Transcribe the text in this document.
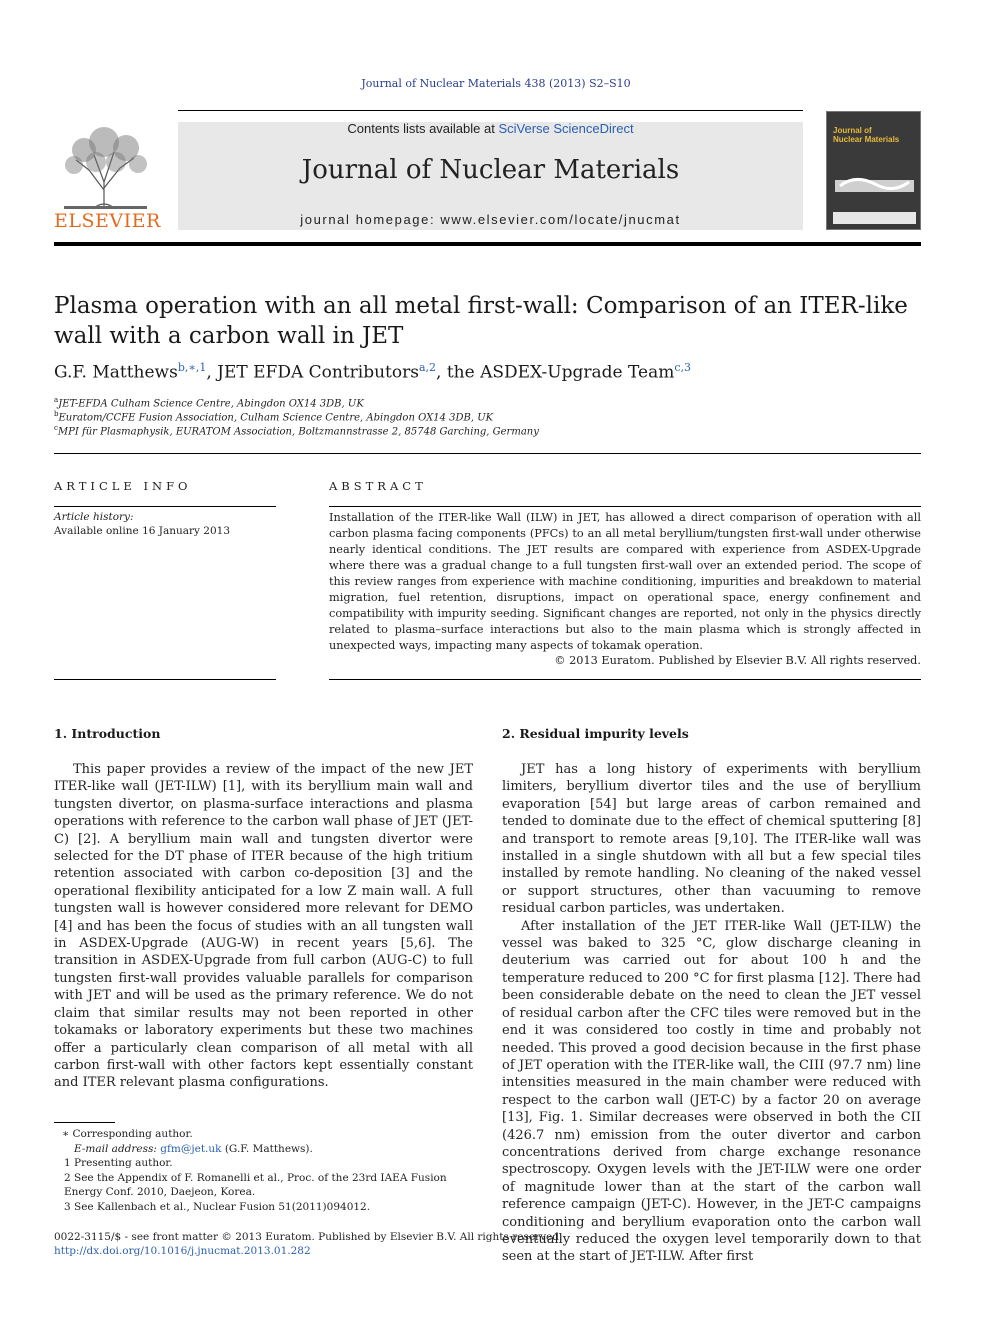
Journal of Nuclear Materials 438 (2013) S2–S10
Contents lists available at SciVerse ScienceDirect
Journal of Nuclear Materials
journal homepage: www.elsevier.com/locate/jnucmat
ELSEVIER
Journal of
Nuclear Materials
Plasma operation with an all metal first-wall: Comparison of an ITER-like wall with a carbon wall in JET
G.F. Matthews$^{b,∗,1}$, JET EFDA Contributors$^{a,2}$, the ASDEX-Upgrade Team$^{c,3}$
$^a$JET-EFDA Culham Science Centre, Abingdon OX14 3DB, UK
$^b$Euratom/CCFE Fusion Association, Culham Science Centre, Abingdon OX14 3DB, UK
$^c$MPI für Plasmaphysik, EURATOM Association, Boltzmannstrasse 2, 85748 Garching, Germany
ARTICLE INFO
Article history:
Available online 16 January 2013
ABSTRACT
Installation of the ITER-like Wall (ILW) in JET, has allowed a direct comparison of operation with all carbon plasma facing components (PFCs) to an all metal beryllium/tungsten first-wall under otherwise nearly identical conditions. The JET results are compared with experience from ASDEX-Upgrade where there was a gradual change to a full tungsten first-wall over an extended period. The scope of this review ranges from experience with machine conditioning, impurities and breakdown to material migration, fuel retention, disruptions, impact on operational space, energy confinement and compatibility with impurity seeding. Significant changes are reported, not only in the physics directly related to plasma–surface interactions but also to the main plasma which is strongly affected in unexpected ways, impacting many aspects of tokamak operation.
© 2013 Euratom. Published by Elsevier B.V. All rights reserved.
1. Introduction

This paper provides a review of the impact of the new JET ITER-like wall (JET-ILW) [1], with its beryllium main wall and tungsten divertor, on plasma-surface interactions and plasma operations with reference to the carbon wall phase of JET (JET-C) [2]. A beryllium main wall and tungsten divertor were selected for the DT phase of ITER because of the high tritium retention associated with carbon co-deposition [3] and the operational flexibility anticipated for a low Z main wall. A full tungsten wall is however considered more relevant for DEMO [4] and has been the focus of studies with an all tungsten wall in ASDEX-Upgrade (AUG-W) in recent years [5,6]. The transition in ASDEX-Upgrade from full carbon (AUG-C) to full tungsten first-wall provides valuable parallels for comparison with JET and will be used as the primary reference. We do not claim that similar results may not been reported in other tokamaks or laboratory experiments but these two machines offer a particularly clean comparison of all metal with all carbon first-wall with other factors kept essentially constant and ITER relevant plasma configurations.

∗ Corresponding author.
E-mail address: gfm@jet.uk (G.F. Matthews).
1 Presenting author.
2 See the Appendix of F. Romanelli et al., Proc. of the 23rd IAEA Fusion Energy Conf. 2010, Daejeon, Korea.
3 See Kallenbach et al., Nuclear Fusion 51(2011)094012.
2. Residual impurity levels

JET has a long history of experiments with beryllium limiters, beryllium divertor tiles and the use of beryllium evaporation [54] but large areas of carbon remained and tended to dominate due to the effect of chemical sputtering [8] and transport to remote areas [9,10]. The ITER-like wall was installed in a single shutdown with all but a few special tiles installed by remote handling. No cleaning of the naked vessel or support structures, other than vacuuming to remove residual carbon particles, was undertaken.

After installation of the JET ITER-like Wall (JET-ILW) the vessel was baked to 325 °C, glow discharge cleaning in deuterium was carried out for about 100 h and the temperature reduced to 200 °C for first plasma [12]. There had been considerable debate on the need to clean the JET vessel of residual carbon after the CFC tiles were removed but in the end it was considered too costly in time and probably not needed. This proved a good decision because in the first phase of JET operation with the ITER-like wall, the CIII (97.7 nm) line intensities measured in the main chamber were reduced with respect to the carbon wall (JET-C) by a factor 20 on average [13], Fig. 1. Similar decreases were observed in both the CII (426.7 nm) emission from the outer divertor and carbon concentrations derived from charge exchange resonance spectroscopy. Oxygen levels with the JET-ILW were one order of magnitude lower than at the start of the carbon wall reference campaign (JET-C). However, in the JET-C campaigns conditioning and beryllium evaporation onto the carbon wall eventually reduced the oxygen level temporarily down to that seen at the start of JET-ILW. After first

0022-3115/$ - see front matter © 2013 Euratom. Published by Elsevier B.V. All rights reserved.
http://dx.doi.org/10.1016/j.jnucmat.2013.01.282
